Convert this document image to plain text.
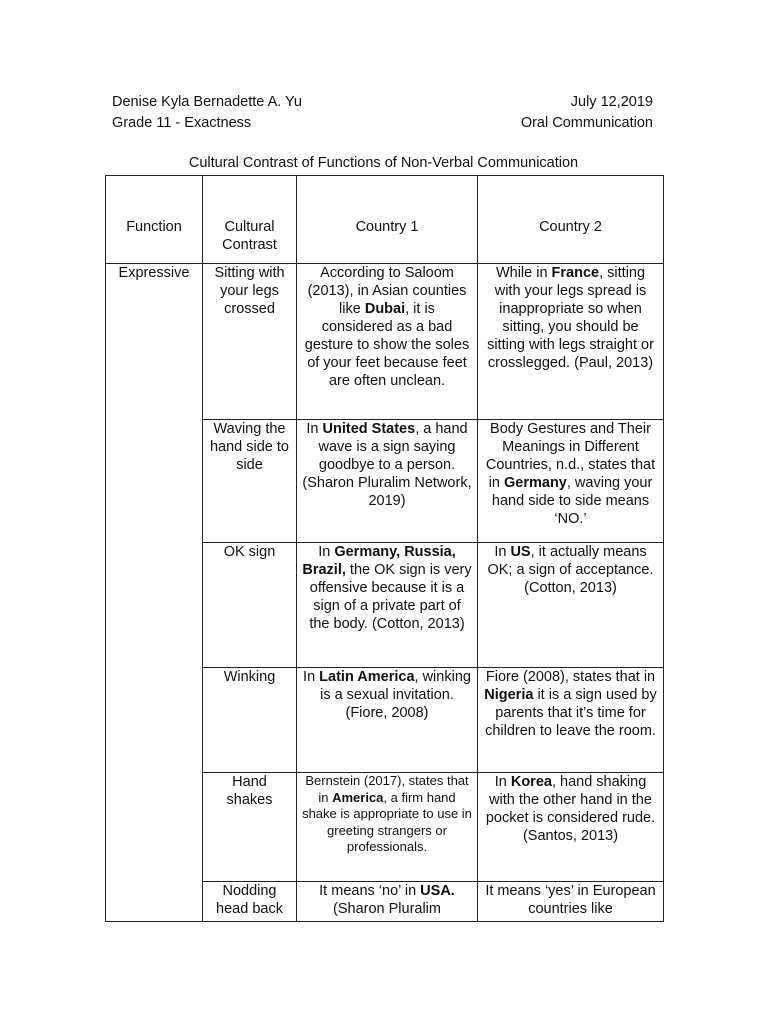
Denise Kyla Bernadette A. Yu	July 12,2019
Grade 11 - Exactness	Oral Communication
Cultural Contrast of Functions of Non-Verbal Communication
Function	Cultural Contrast	Country 1	Country 2

Expressive	Sitting with your legs crossed	According to Saloom (2013), in Asian counties like Dubai, it is considered as a bad gesture to show the soles of your feet because feet are often unclean.	While in France, sitting with your legs spread is inappropriate so when sitting, you should be sitting with legs straight or crosslegged. (Paul, 2013)

	Waving the hand side to side	In United States, a hand wave is a sign saying goodbye to a person. (Sharon Pluralim Network, 2019)	Body Gestures and Their Meanings in Different Countries, n.d., states that in Germany, waving your hand side to side means ‘NO.’

	OK sign	In Germany, Russia, Brazil, the OK sign is very offensive because it is a sign of a private part of the body. (Cotton, 2013)	In US, it actually means OK; a sign of acceptance. (Cotton, 2013)

	Winking	In Latin America, winking is a sexual invitation. (Fiore, 2008)	Fiore (2008), states that in Nigeria it is a sign used by parents that it’s time for children to leave the room.

	Hand shakes	Bernstein (2017), states that in America, a firm hand shake is appropriate to use in greeting strangers or professionals.	In Korea, hand shaking with the other hand in the pocket is considered rude. (Santos, 2013)

	Nodding head back	It means ‘no’ in USA. (Sharon Pluralim	It means ‘yes’ in European countries like
